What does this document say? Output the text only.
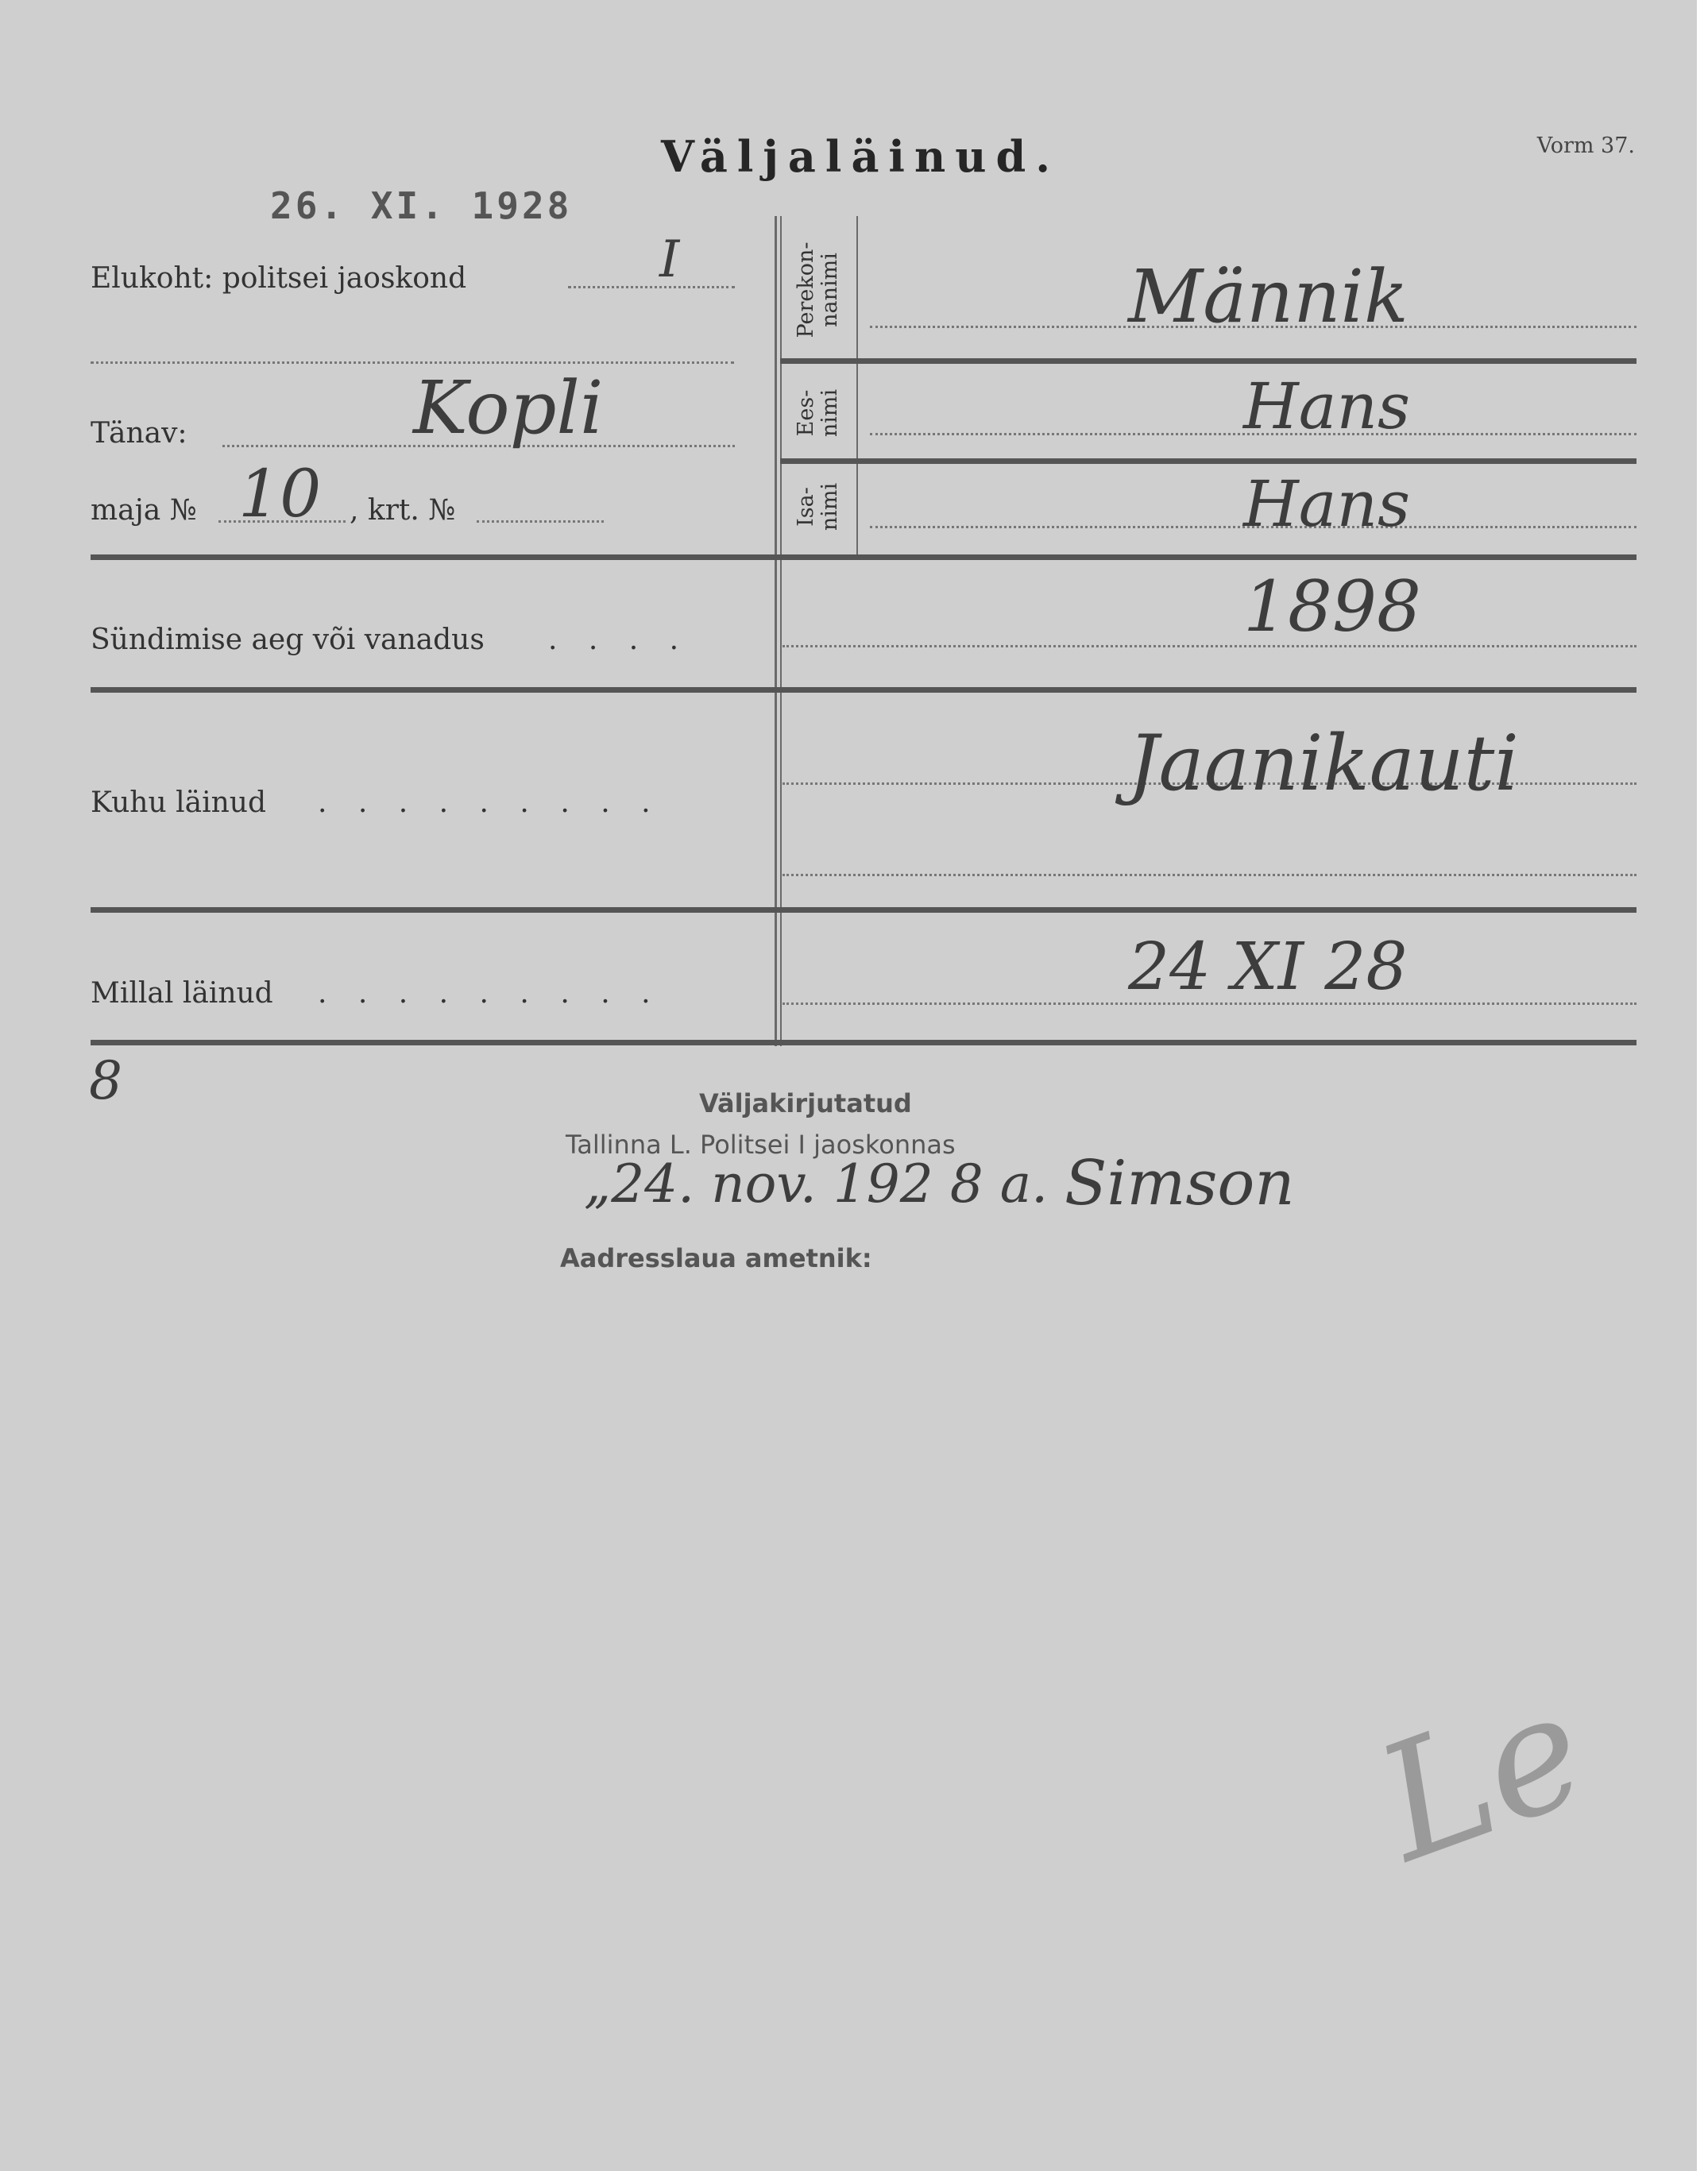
Väljaläinud.	Vorm 37.
26. XI. 1928
Elukoht: politsei jaoskond	I
Tänav:	Kopli
maja № 10 , krt. №
Perekon- nanimi	Männik
Ees- nimi	Hans
Isa- nimi	Hans
Sündimise aeg või vanadus . . . .	1898
Kuhu läinud . . . . . . . . .	Jaanikauti
Millal läinud . . . . . . . . .	24 XI 28
8	Väljakirjutatud
Tallinna L. Politsei I jaoskonnas
„24. nov. 192 8 a. Simson
Aadresslaua ametnik:
Le
